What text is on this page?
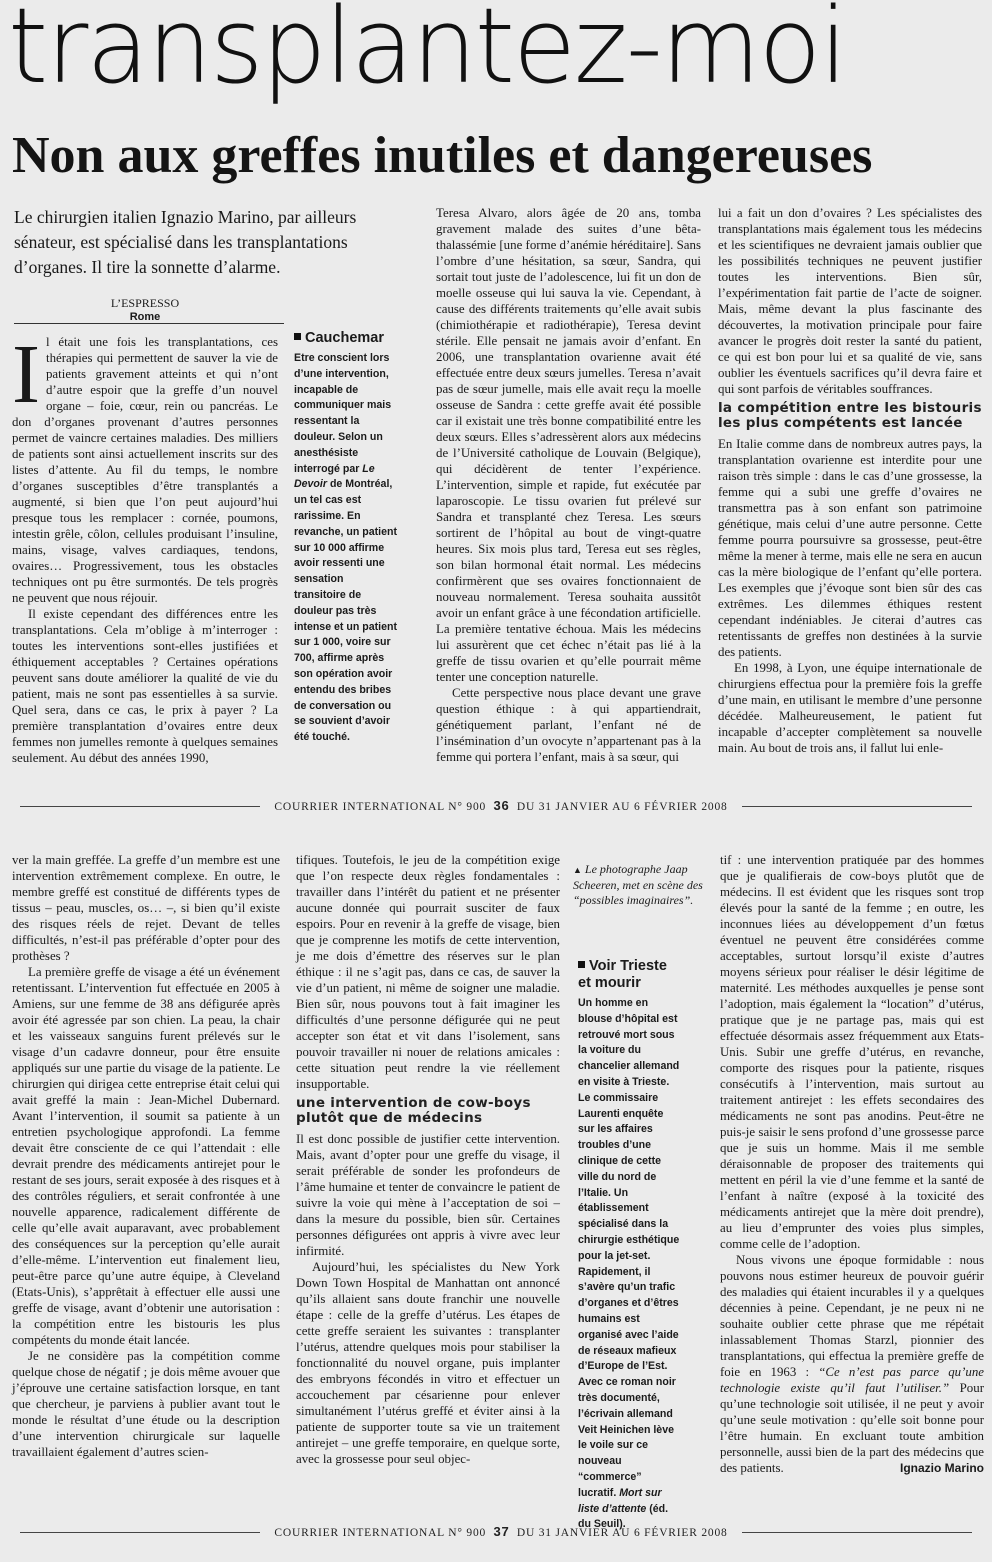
transplantez-moi
Non aux greffes inutiles et dangereuses
Le chirurgien italien Ignazio Marino, par ailleurs sénateur, est spécialisé dans les transplantations d’organes. Il tire la sonnette d’alarme.
L’ESPRESSO
Rome

Il était une fois les transplantations, ces thérapies qui permettent de sauver la vie de patients gravement atteints et qui n’ont d’autre espoir que la greffe d’un nouvel organe – foie, cœur, rein ou pancréas. Le don d’organes provenant d’autres personnes permet de vaincre certaines maladies. Des milliers de patients sont ainsi actuellement inscrits sur des listes d’attente. Au fil du temps, le nombre d’organes susceptibles d’être transplantés a augmenté, si bien que l’on peut aujourd’hui presque tous les remplacer : cornée, poumons, intestin grêle, côlon, cellules produisant l’insuline, mains, visage, valves cardiaques, tendons, ovaires… Progressivement, tous les obstacles techniques ont pu être surmontés. De tels progrès ne peuvent que nous réjouir.

Il existe cependant des différences entre les transplantations. Cela m’oblige à m’interroger : toutes les interventions sont-elles justifiées et éthiquement acceptables ? Certaines opérations peuvent sans doute améliorer la qualité de vie du patient, mais ne sont pas essentielles à sa survie. Quel sera, dans ce cas, le prix à payer ? La première transplantation d’ovaires entre deux femmes non jumelles remonte à quelques semaines seulement. Au début des années 1990,

Cauchemar
Etre conscient lors d’une intervention, incapable de communiquer mais ressentant la douleur. Selon un anesthésiste interrogé par Le Devoir de Montréal, un tel cas est rarissime. En revanche, un patient sur 10 000 affirme avoir ressenti une sensation transitoire de douleur pas très intense et un patient sur 1 000, voire sur 700, affirme après son opération avoir entendu des bribes de conversation ou se souvient d’avoir été touché.

Teresa Alvaro, alors âgée de 20 ans, tomba gravement malade des suites d’une bêta-thalassémie [une forme d’anémie héréditaire]. Sans l’ombre d’une hésitation, sa sœur, Sandra, qui sortait tout juste de l’adolescence, lui fit un don de moelle osseuse qui lui sauva la vie. Cependant, à cause des différents traitements qu’elle avait subis (chimiothérapie et radiothérapie), Teresa devint stérile. Elle pensait ne jamais avoir d’enfant. En 2006, une transplantation ovarienne avait été effectuée entre deux sœurs jumelles. Teresa n’avait pas de sœur jumelle, mais elle avait reçu la moelle osseuse de Sandra : cette greffe avait été possible car il existait une très bonne compatibilité entre les deux sœurs. Elles s’adressèrent alors aux médecins de l’Université catholique de Louvain (Belgique), qui décidèrent de tenter l’expérience. L’intervention, simple et rapide, fut exécutée par laparoscopie. Le tissu ovarien fut prélevé sur Sandra et transplanté chez Teresa. Les sœurs sortirent de l’hôpital au bout de vingt-quatre heures. Six mois plus tard, Teresa eut ses règles, son bilan hormonal était normal. Les médecins confirmèrent que ses ovaires fonctionnaient de nouveau normalement. Teresa souhaita aussitôt avoir un enfant grâce à une fécondation artificielle. La première tentative échoua. Mais les médecins lui assurèrent que cet échec n’était pas lié à la greffe de tissu ovarien et qu’elle pourrait même tenter une conception naturelle.

Cette perspective nous place devant une grave question éthique : à qui appartiendrait, génétiquement parlant, l’enfant né de l’insémination d’un ovocyte n’appartenant pas à la femme qui portera l’enfant, mais à sa sœur, qui

lui a fait un don d’ovaires ? Les spécialistes des transplantations mais également tous les médecins et les scientifiques ne devraient jamais oublier que les possibilités techniques ne peuvent justifier toutes les interventions. Bien sûr, l’expérimentation fait partie de l’acte de soigner. Mais, même devant la plus fascinante des découvertes, la motivation principale pour faire avancer le progrès doit rester la santé du patient, ce qui est bon pour lui et sa qualité de vie, sans oublier les éventuels sacrifices qu’il devra faire et qui sont parfois de véritables souffrances.

la compétition entre les bistouris les plus compétents est lancée

En Italie comme dans de nombreux autres pays, la transplantation ovarienne est interdite pour une raison très simple : dans le cas d’une grossesse, la femme qui a subi une greffe d’ovaires ne transmettra pas à son enfant son patrimoine génétique, mais celui d’une autre personne. Cette femme pourra poursuivre sa grossesse, peut-être même la mener à terme, mais elle ne sera en aucun cas la mère biologique de l’enfant qu’elle portera. Les exemples que j’évoque sont bien sûr des cas extrêmes. Les dilemmes éthiques restent cependant indéniables. Je citerai d’autres cas retentissants de greffes non destinées à la survie des patients.

En 1998, à Lyon, une équipe internationale de chirurgiens effectua pour la première fois la greffe d’une main, en utilisant le membre d’une personne décédée. Malheureusement, le patient fut incapable d’accepter complètement sa nouvelle main. Au bout de trois ans, il fallut lui enle-

COURRIER INTERNATIONAL N° 900 36 DU 31 JANVIER AU 6 FÉVRIER 2008

ver la main greffée. La greffe d’un membre est une intervention extrêmement complexe. En outre, le membre greffé est constitué de différents types de tissus – peau, muscles, os… –, si bien qu’il existe des risques réels de rejet. Devant de telles difficultés, n’est-il pas préférable d’opter pour des prothèses ?

La première greffe de visage a été un événement retentissant. L’intervention fut effectuée en 2005 à Amiens, sur une femme de 38 ans défigurée après avoir été agressée par son chien. La peau, la chair et les vaisseaux sanguins furent prélevés sur le visage d’un cadavre donneur, pour être ensuite appliqués sur une partie du visage de la patiente. Le chirurgien qui dirigea cette entreprise était celui qui avait greffé la main : Jean-Michel Dubernard. Avant l’intervention, il soumit sa patiente à un entretien psychologique approfondi. La femme devait être consciente de ce qui l’attendait : elle devrait prendre des médicaments antirejet pour le restant de ses jours, serait exposée à des risques et à des contrôles réguliers, et serait confrontée à une nouvelle apparence, radicalement différente de celle qu’elle avait auparavant, avec probablement des conséquences sur la perception qu’elle aurait d’elle-même. L’intervention eut finalement lieu, peut-être parce qu’une autre équipe, à Cleveland (Etats-Unis), s’apprêtait à effectuer elle aussi une greffe de visage, avant d’obtenir une autorisation : la compétition entre les bistouris les plus compétents du monde était lancée.

Je ne considère pas la compétition comme quelque chose de négatif ; je dois même avouer que j’éprouve une certaine satisfaction lorsque, en tant que chercheur, je parviens à publier avant tout le monde le résultat d’une étude ou la description d’une intervention chirurgicale sur laquelle travaillaient également d’autres scien-

tifiques. Toutefois, le jeu de la compétition exige que l’on respecte deux règles fondamentales : travailler dans l’intérêt du patient et ne présenter aucune donnée qui pourrait susciter de faux espoirs. Pour en revenir à la greffe de visage, bien que je comprenne les motifs de cette intervention, je me dois d’émettre des réserves sur le plan éthique : il ne s’agit pas, dans ce cas, de sauver la vie d’un patient, ni même de soigner une maladie. Bien sûr, nous pouvons tout à fait imaginer les difficultés d’une personne défigurée qui ne peut accepter son état et vit dans l’isolement, sans pouvoir travailler ni nouer de relations amicales : cette situation peut rendre la vie réellement insupportable.

une intervention de cow-boys plutôt que de médecins

Il est donc possible de justifier cette intervention. Mais, avant d’opter pour une greffe du visage, il serait préférable de sonder les profondeurs de l’âme humaine et tenter de convaincre le patient de suivre la voie qui mène à l’acceptation de soi – dans la mesure du possible, bien sûr. Certaines personnes défigurées ont appris à vivre avec leur infirmité.

Aujourd’hui, les spécialistes du New York Down Town Hospital de Manhattan ont annoncé qu’ils allaient sans doute franchir une nouvelle étape : celle de la greffe d’utérus. Les étapes de cette greffe seraient les suivantes : transplanter l’utérus, attendre quelques mois pour stabiliser la fonctionnalité du nouvel organe, puis implanter des embryons fécondés in vitro et effectuer un accouchement par césarienne pour enlever simultanément l’utérus greffé et éviter ainsi à la patiente de supporter toute sa vie un traitement antirejet – une greffe temporaire, en quelque sorte, avec la grossesse pour seul objec-

▲ Le photographe Jaap Scheeren, met en scène des “possibles imaginaires”.
Voir Trieste et mourir
Un homme en blouse d’hôpital est retrouvé mort sous la voiture du chancelier allemand en visite à Trieste. Le commissaire Laurenti enquête sur les affaires troubles d’une clinique de cette ville du nord de l’Italie. Un établissement spécialisé dans la chirurgie esthétique pour la jet-set. Rapidement, il s’avère qu’un trafic d’organes et d’êtres humains est organisé avec l’aide de réseaux mafieux d’Europe de l’Est. Avec ce roman noir très documenté, l’écrivain allemand Veit Heinichen lève le voile sur ce nouveau “commerce” lucratif. Mort sur liste d’attente (éd. du Seuil).

tif : une intervention pratiquée par des hommes que je qualifierais de cow-boys plutôt que de médecins. Il est évident que les risques sont trop élevés pour la santé de la femme ; en outre, les inconnues liées au développement d’un fœtus éventuel ne peuvent être considérées comme acceptables, surtout lorsqu’il existe d’autres moyens sérieux pour réaliser le désir légitime de maternité. Les méthodes auxquelles je pense sont l’adoption, mais également la “location” d’utérus, pratique que je ne partage pas, mais qui est effectuée désormais assez fréquemment aux Etats-Unis. Subir une greffe d’utérus, en revanche, comporte des risques pour la patiente, risques consécutifs à l’intervention, mais surtout au traitement antirejet : les effets secondaires des médicaments ne sont pas anodins. Peut-être ne puis-je saisir le sens profond d’une grossesse parce que je suis un homme. Mais il me semble déraisonnable de proposer des traitements qui mettent en péril la vie d’une femme et la santé de l’enfant à naître (exposé à la toxicité des médicaments antirejet que la mère doit prendre), au lieu d’emprunter des voies plus simples, comme celle de l’adoption.

Nous vivons une époque formidable : nous pouvons nous estimer heureux de pouvoir guérir des maladies qui étaient incurables il y a quelques décennies à peine. Cependant, je ne peux ni ne souhaite oublier cette phrase que me répétait inlassablement Thomas Starzl, pionnier des transplantations, qui effectua la première greffe de foie en 1963 : “Ce n’est pas parce qu’une technologie existe qu’il faut l’utiliser.” Pour qu’une technologie soit utilisée, il ne peut y avoir qu’une seule motivation : qu’elle soit bonne pour l’être humain. En excluant toute ambition personnelle, aussi bien de la part des médecins que des patients.	Ignazio Marino

COURRIER INTERNATIONAL N° 900 37 DU 31 JANVIER AU 6 FÉVRIER 2008
